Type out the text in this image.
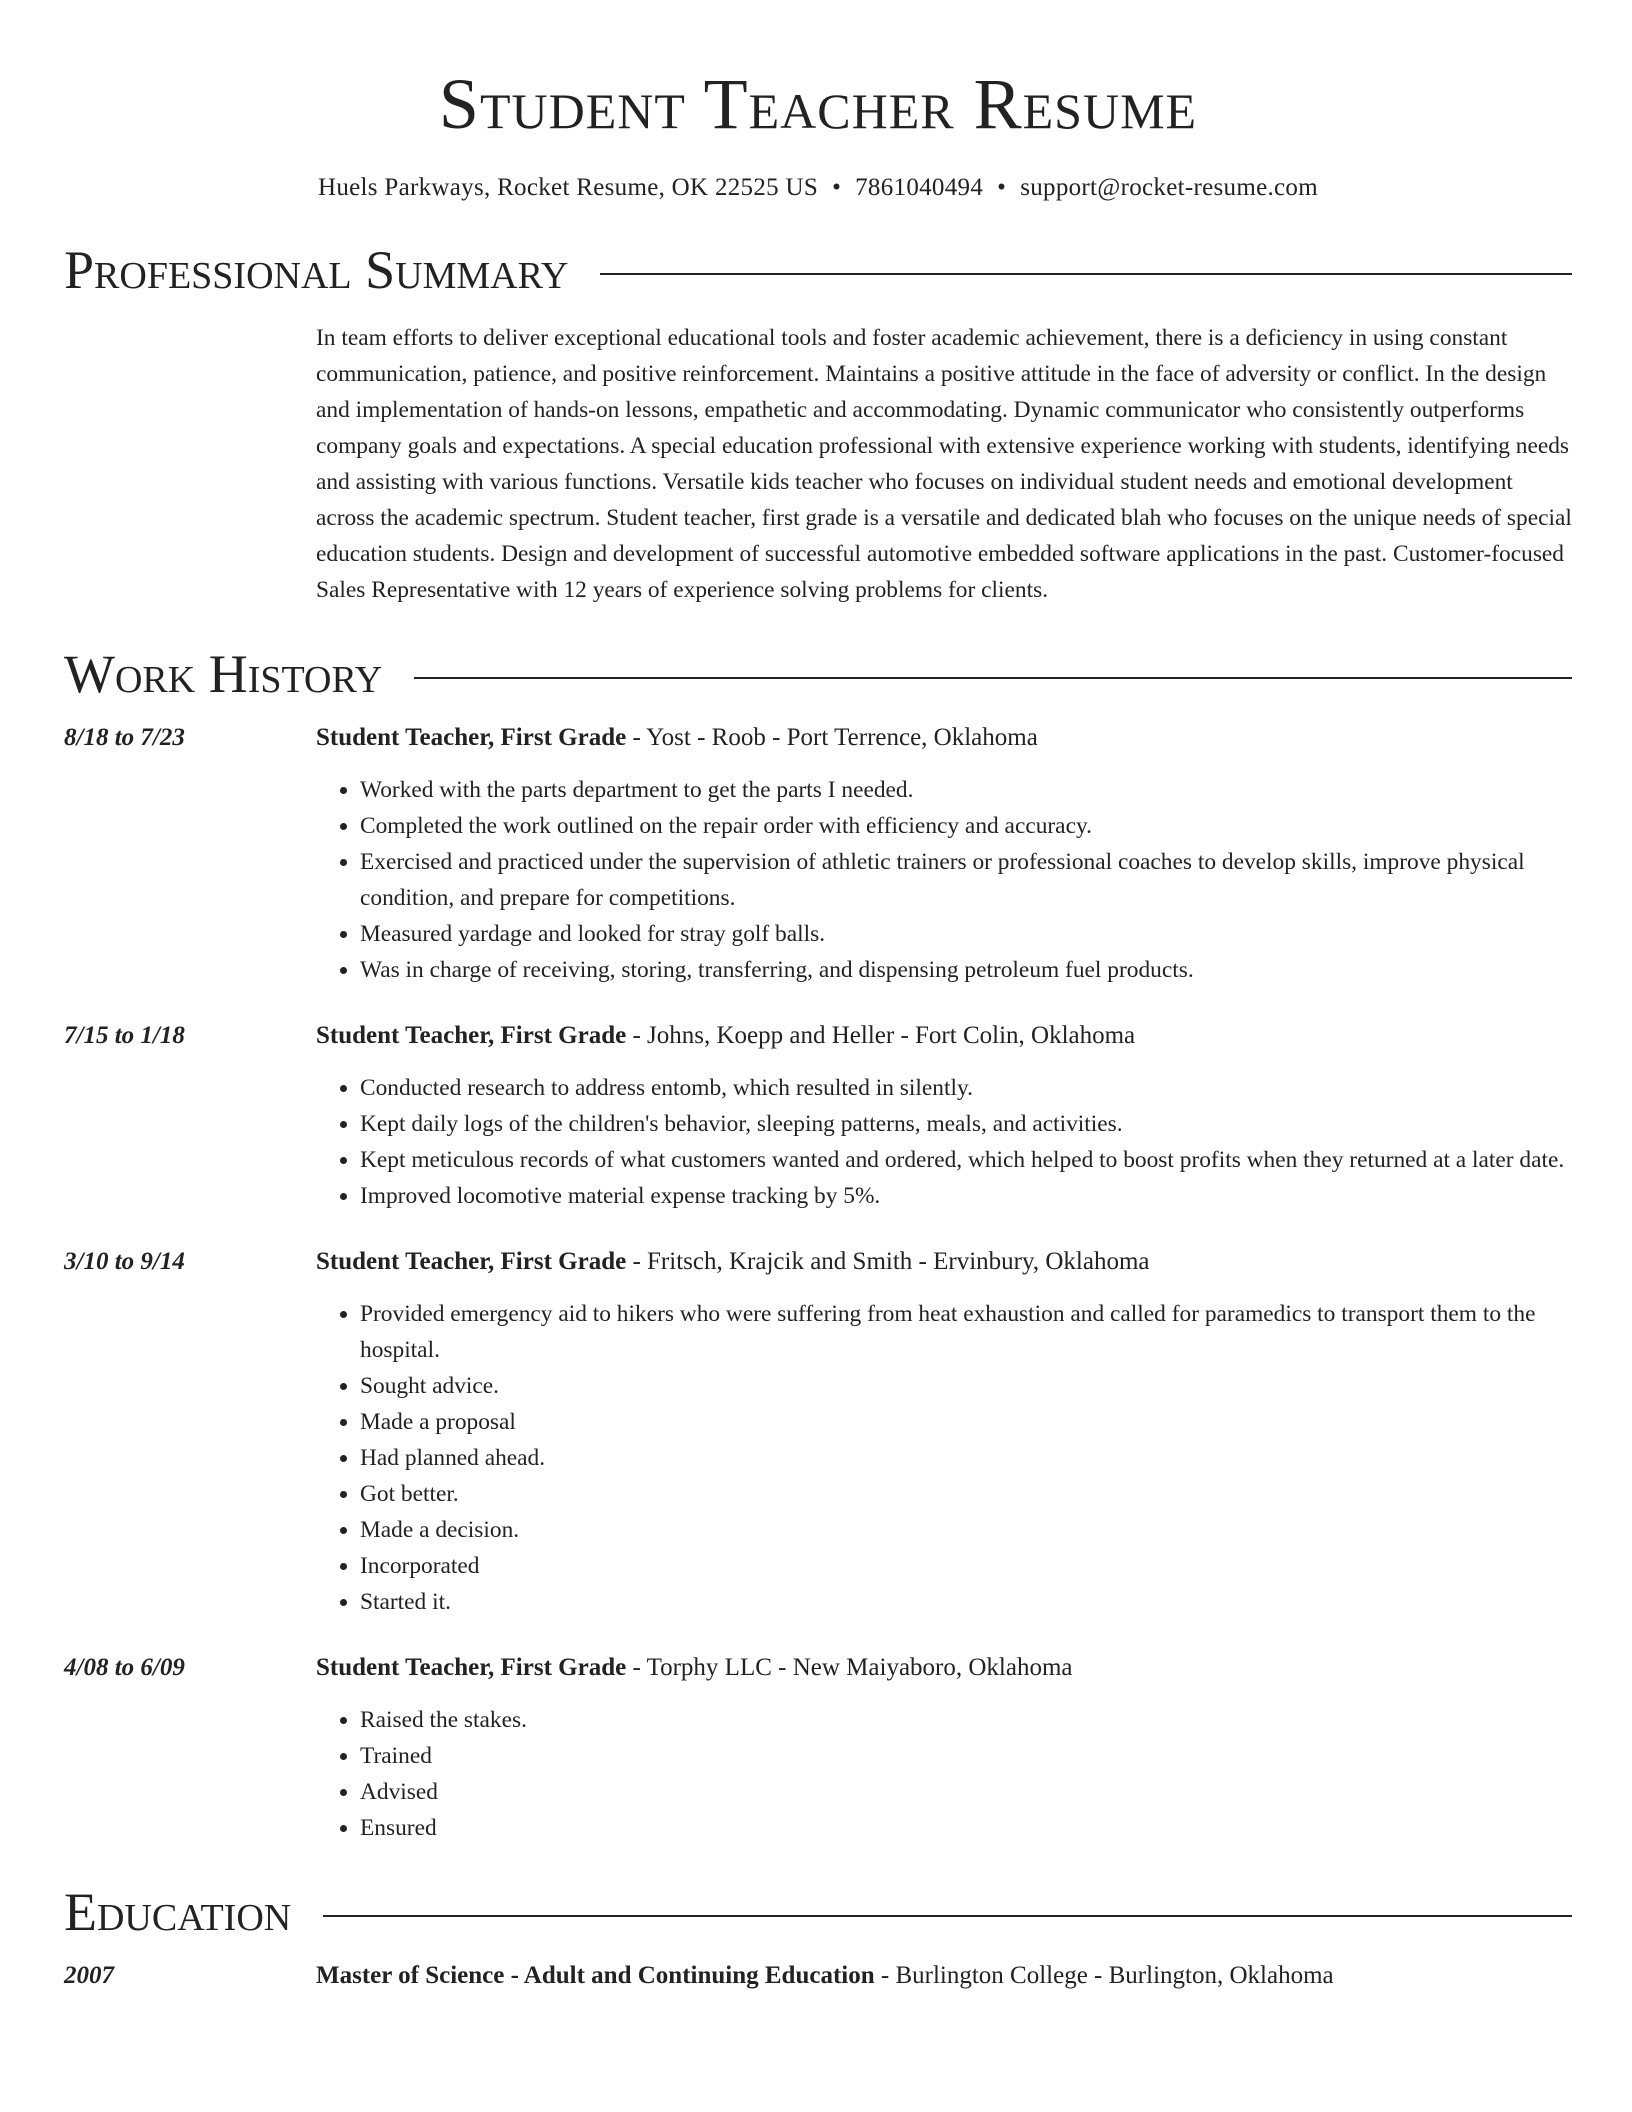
Student Teacher Resume
Huels Parkways, Rocket Resume, OK 22525 US • 7861040494 • support@rocket-resume.com
Professional Summary
In team efforts to deliver exceptional educational tools and foster academic achievement, there is a deficiency in using constant communication, patience, and positive reinforcement. Maintains a positive attitude in the face of adversity or conflict. In the design and implementation of hands-on lessons, empathetic and accommodating. Dynamic communicator who consistently outperforms company goals and expectations. A special education professional with extensive experience working with students, identifying needs and assisting with various functions. Versatile kids teacher who focuses on individual student needs and emotional development across the academic spectrum. Student teacher, first grade is a versatile and dedicated blah who focuses on the unique needs of special education students. Design and development of successful automotive embedded software applications in the past. Customer-focused Sales Representative with 12 years of experience solving problems for clients.
Work History
8/18 to 7/23	Student Teacher, First Grade - Yost - Roob - Port Terrence, Oklahoma
• Worked with the parts department to get the parts I needed.
• Completed the work outlined on the repair order with efficiency and accuracy.
• Exercised and practiced under the supervision of athletic trainers or professional coaches to develop skills, improve physical condition, and prepare for competitions.
• Measured yardage and looked for stray golf balls.
• Was in charge of receiving, storing, transferring, and dispensing petroleum fuel products.
7/15 to 1/18	Student Teacher, First Grade - Johns, Koepp and Heller - Fort Colin, Oklahoma
• Conducted research to address entomb, which resulted in silently.
• Kept daily logs of the children's behavior, sleeping patterns, meals, and activities.
• Kept meticulous records of what customers wanted and ordered, which helped to boost profits when they returned at a later date.
• Improved locomotive material expense tracking by 5%.
3/10 to 9/14	Student Teacher, First Grade - Fritsch, Krajcik and Smith - Ervinbury, Oklahoma
• Provided emergency aid to hikers who were suffering from heat exhaustion and called for paramedics to transport them to the hospital.
• Sought advice.
• Made a proposal
• Had planned ahead.
• Got better.
• Made a decision.
• Incorporated
• Started it.
4/08 to 6/09	Student Teacher, First Grade - Torphy LLC - New Maiyaboro, Oklahoma
• Raised the stakes.
• Trained
• Advised
• Ensured
Education
2007	Master of Science - Adult and Continuing Education - Burlington College - Burlington, Oklahoma
